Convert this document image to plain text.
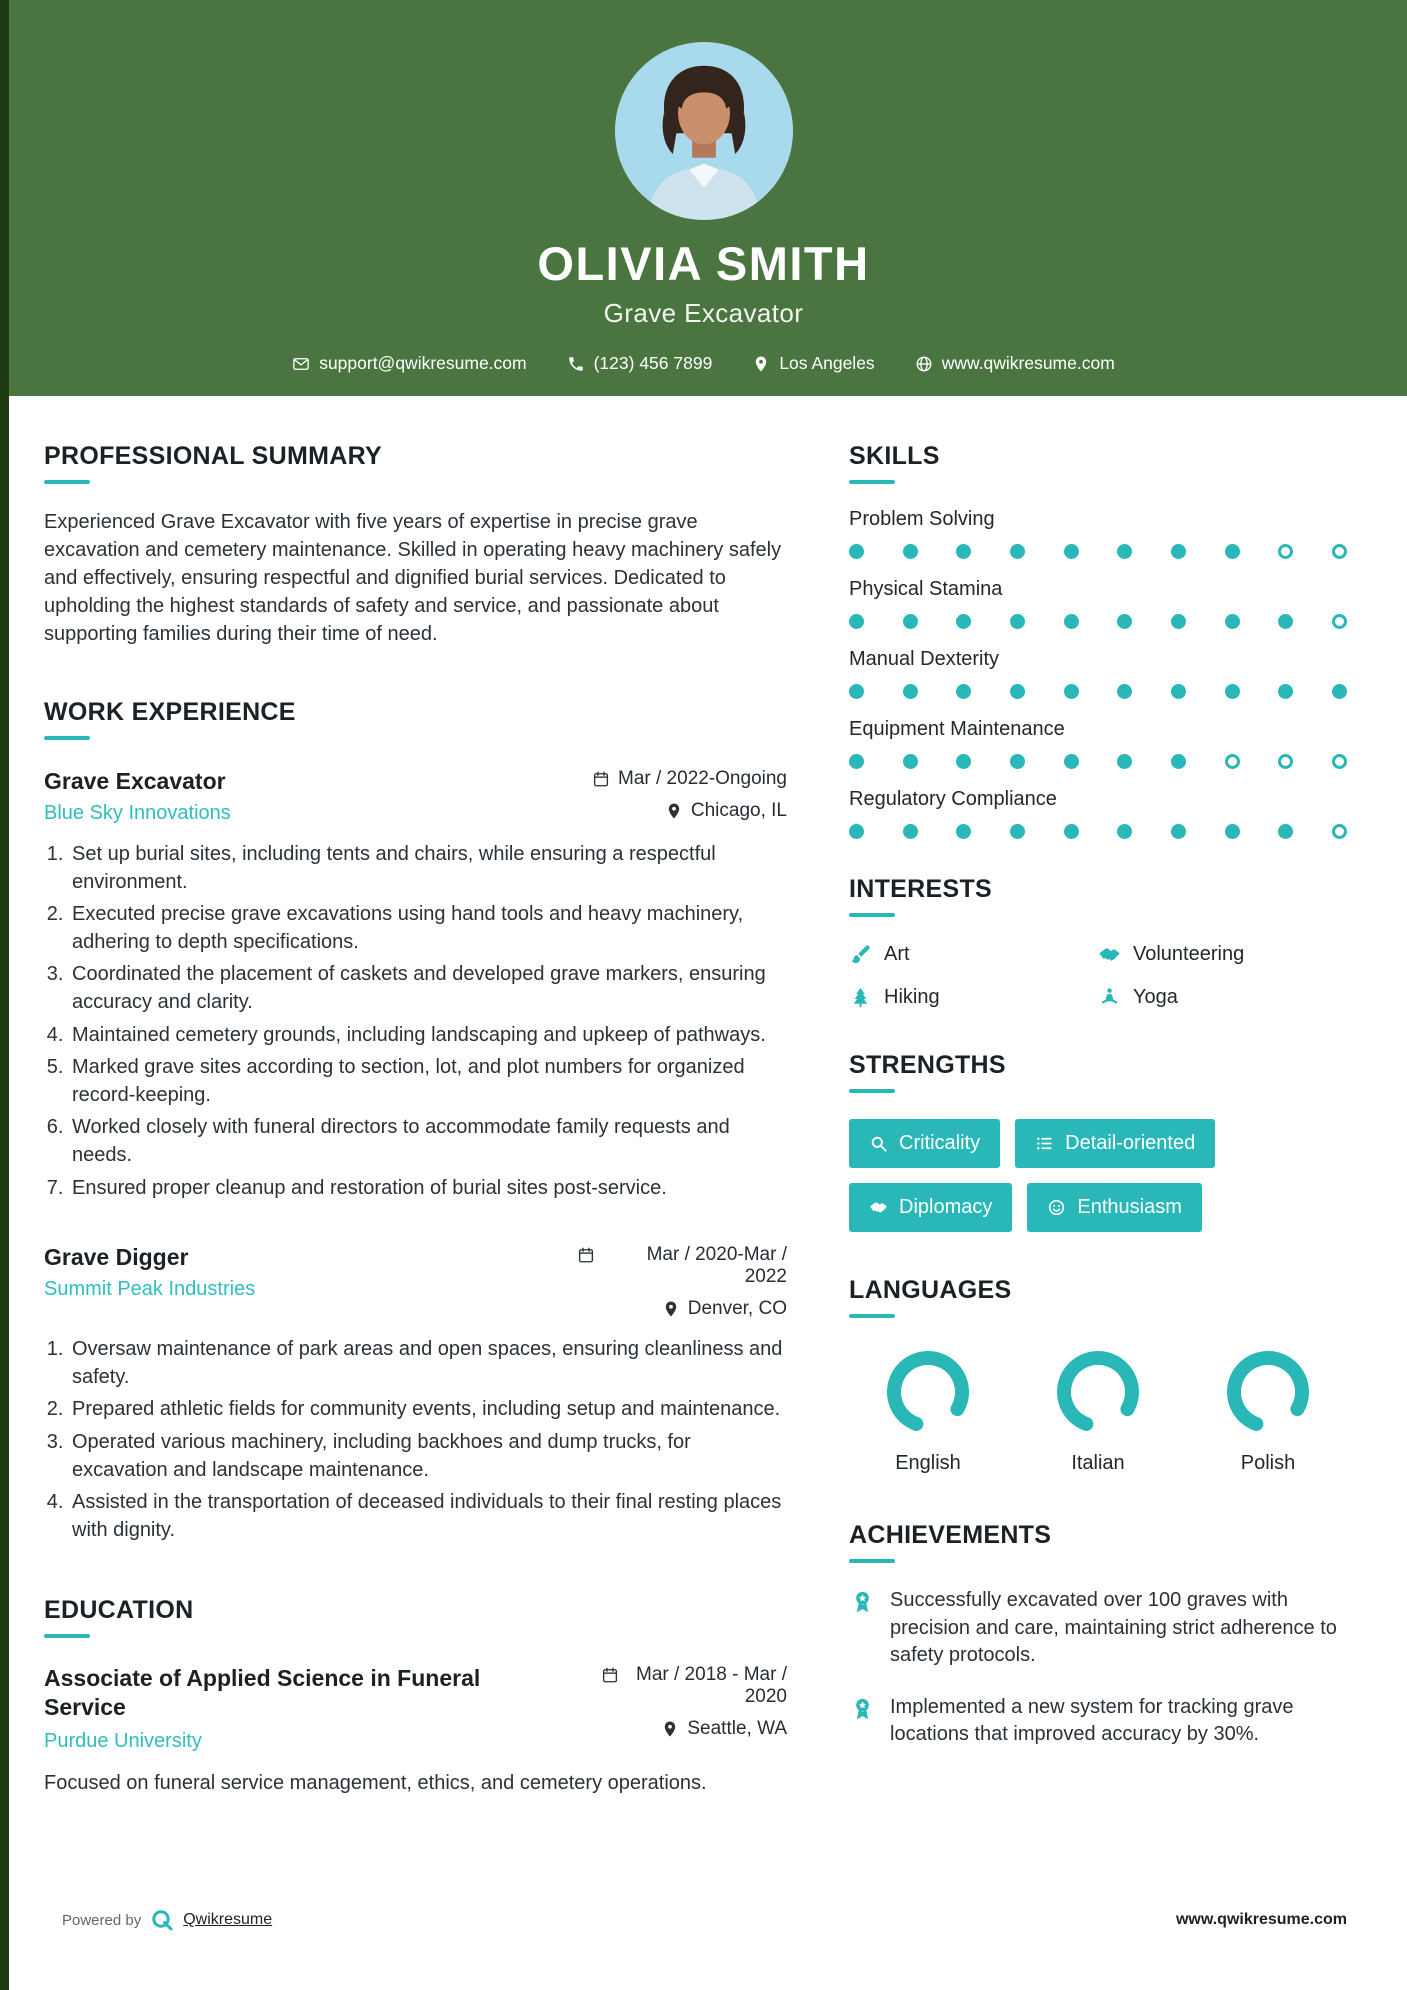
OLIVIA SMITH
Grave Excavator
support@qwikresume.com	(123) 456 7899	Los Angeles	www.qwikresume.com
PROFESSIONAL SUMMARY

Experienced Grave Excavator with five years of expertise in precise grave excavation and cemetery maintenance. Skilled in operating heavy machinery safely and effectively, ensuring respectful and dignified burial services. Dedicated to upholding the highest standards of safety and service, and passionate about supporting families during their time of need.

WORK EXPERIENCE
Grave Excavator
Blue Sky Innovations
Mar / 2022-Ongoing
Chicago, IL
1. Set up burial sites, including tents and chairs, while ensuring a respectful environment.
2. Executed precise grave excavations using hand tools and heavy machinery, adhering to depth specifications.
3. Coordinated the placement of caskets and developed grave markers, ensuring accuracy and clarity.
4. Maintained cemetery grounds, including landscaping and upkeep of pathways.
5. Marked grave sites according to section, lot, and plot numbers for organized record-keeping.
6. Worked closely with funeral directors to accommodate family requests and needs.
7. Ensured proper cleanup and restoration of burial sites post-service.
Grave Digger
Summit Peak Industries
Mar / 2020-Mar / 2022
Denver, CO
1. Oversaw maintenance of park areas and open spaces, ensuring cleanliness and safety.
2. Prepared athletic fields for community events, including setup and maintenance.
3. Operated various machinery, including backhoes and dump trucks, for excavation and landscape maintenance.
4. Assisted in the transportation of deceased individuals to their final resting places with dignity.
EDUCATION
Associate of Applied Science in Funeral Service
Purdue University
Mar / 2018 - Mar / 2020
Seattle, WA

Focused on funeral service management, ethics, and cemetery operations.

SKILLS
Problem Solving
Physical Stamina
Manual Dexterity
Equipment Maintenance
Regulatory Compliance
INTERESTS
Art	Volunteering
Hiking	Yoga
STRENGTHS
Criticality	Detail-oriented
Diplomacy	Enthusiasm
LANGUAGES
English	Italian	Polish
ACHIEVEMENTS

Successfully excavated over 100 graves with precision and care, maintaining strict adherence to safety protocols.

Implemented a new system for tracking grave locations that improved accuracy by 30%.

Powered by	Qwikresume	www.qwikresume.com
